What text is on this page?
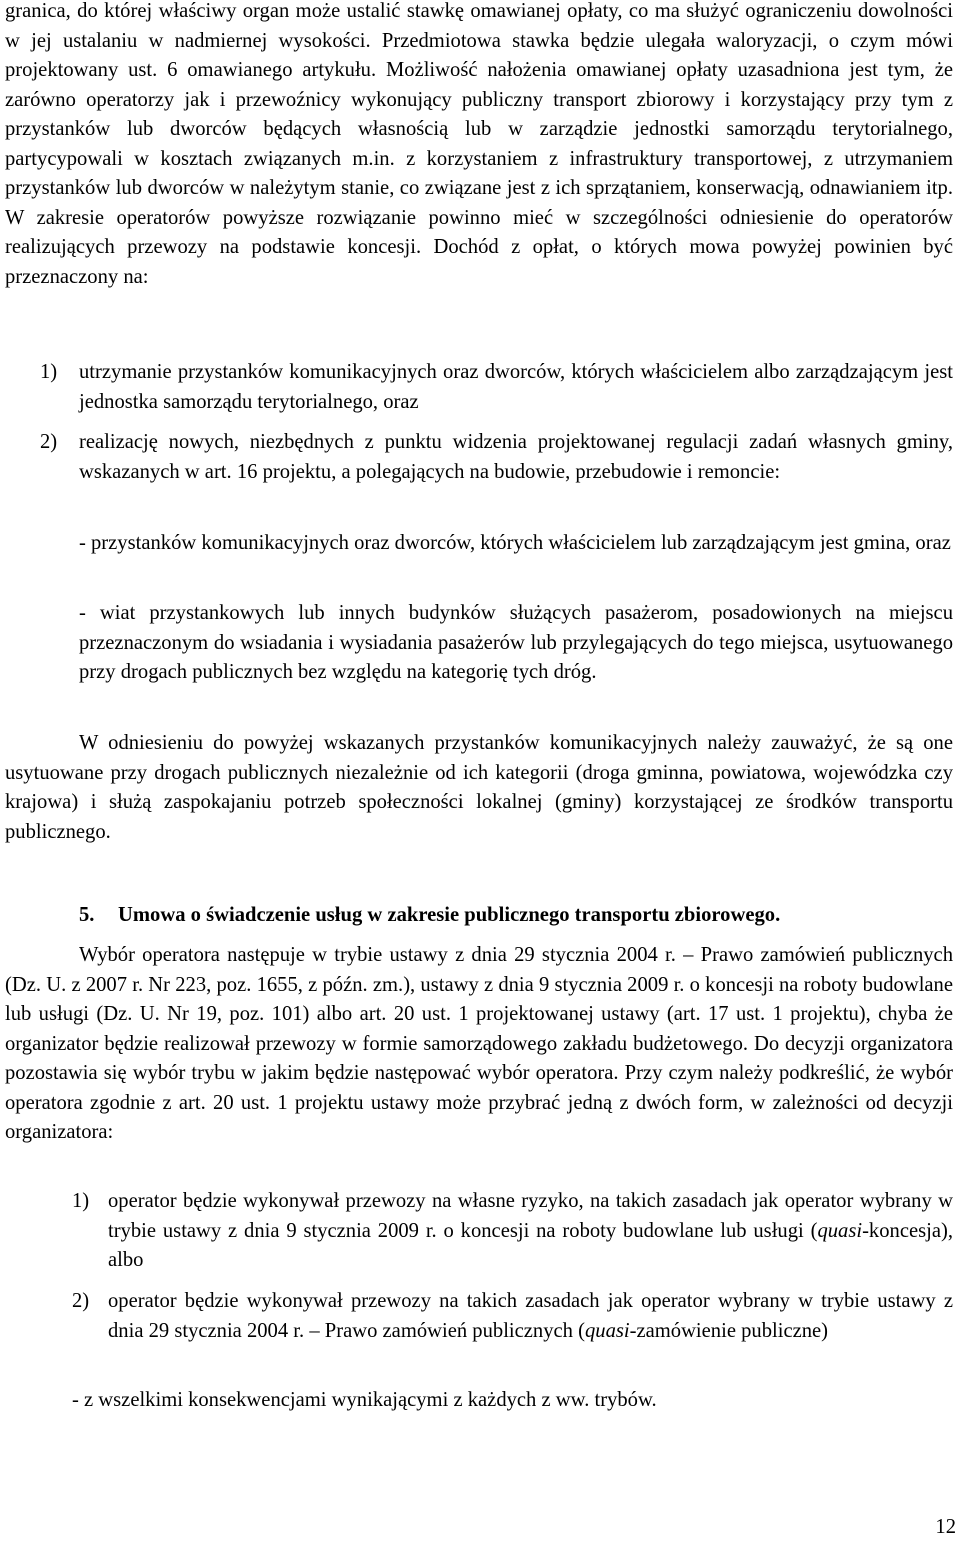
granica, do której właściwy organ może ustalić stawkę omawianej opłaty, co ma służyć ograniczeniu dowolności w jej ustalaniu w nadmiernej wysokości. Przedmiotowa stawka będzie ulegała waloryzacji, o czym mówi projektowany ust. 6 omawianego artykułu. Możliwość nałożenia omawianej opłaty uzasadniona jest tym, że zarówno operatorzy jak i przewoźnicy wykonujący publiczny transport zbiorowy i korzystający przy tym z przystanków lub dworców będących własnością lub w zarządzie jednostki samorządu terytorialnego, partycypowali w kosztach związanych m.in. z korzystaniem z infrastruktury transportowej, z utrzymaniem przystanków lub dworców w należytym stanie, co związane jest z ich sprzątaniem, konserwacją, odnawianiem itp. W zakresie operatorów powyższe rozwiązanie powinno mieć w szczególności odniesienie do operatorów realizujących przewozy na podstawie koncesji. Dochód z opłat, o których mowa powyżej powinien być przeznaczony na:

1) utrzymanie przystanków komunikacyjnych oraz dworców, których właścicielem albo zarządzającym jest jednostka samorządu terytorialnego, oraz

2) realizację nowych, niezbędnych z punktu widzenia projektowanej regulacji zadań własnych gminy, wskazanych w art. 16 projektu, a polegających na budowie, przebudowie i remoncie:

- przystanków komunikacyjnych oraz dworców, których właścicielem lub zarządzającym jest gmina, oraz

- wiat przystankowych lub innych budynków służących pasażerom, posadowionych na miejscu przeznaczonym do wsiadania i wysiadania pasażerów lub przylegających do tego miejsca, usytuowanego przy drogach publicznych bez względu na kategorię tych dróg.

W odniesieniu do powyżej wskazanych przystanków komunikacyjnych należy zauważyć, że są one usytuowane przy drogach publicznych niezależnie od ich kategorii (droga gminna, powiatowa, wojewódzka czy krajowa) i służą zaspokajaniu potrzeb społeczności lokalnej (gminy) korzystającej ze środków transportu publicznego.

5. Umowa o świadczenie usług w zakresie publicznego transportu zbiorowego.

Wybór operatora następuje w trybie ustawy z dnia 29 stycznia 2004 r. – Prawo zamówień publicznych (Dz. U. z 2007 r. Nr 223, poz. 1655, z późn. zm.), ustawy z dnia 9 stycznia 2009 r. o koncesji na roboty budowlane lub usługi (Dz. U. Nr 19, poz. 101) albo art. 20 ust. 1 projektowanej ustawy (art. 17 ust. 1 projektu), chyba że organizator będzie realizował przewozy w formie samorządowego zakładu budżetowego. Do decyzji organizatora pozostawia się wybór trybu w jakim będzie następować wybór operatora. Przy czym należy podkreślić, że wybór operatora zgodnie z art. 20 ust. 1 projektu ustawy może przybrać jedną z dwóch form, w zależności od decyzji organizatora:

1) operator będzie wykonywał przewozy na własne ryzyko, na takich zasadach jak operator wybrany w trybie ustawy z dnia 9 stycznia 2009 r. o koncesji na roboty budowlane lub usługi (quasi-koncesja), albo

2) operator będzie wykonywał przewozy na takich zasadach jak operator wybrany w trybie ustawy z dnia 29 stycznia 2004 r. – Prawo zamówień publicznych (quasi-zamówienie publiczne)

- z wszelkimi konsekwencjami wynikającymi z każdych z ww. trybów.

12
